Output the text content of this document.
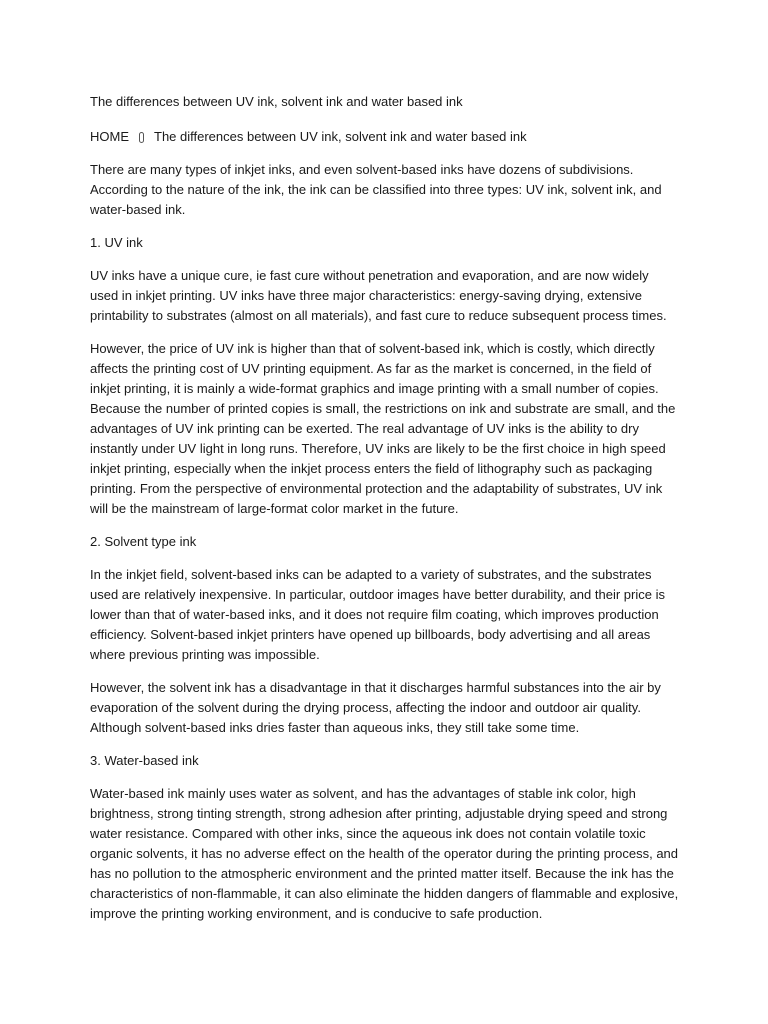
The differences between UV ink, solvent ink and water based ink

HOME The differences between UV ink, solvent ink and water based ink

There are many types of inkjet inks, and even solvent-based inks have dozens of subdivisions. According to the nature of the ink, the ink can be classified into three types: UV ink, solvent ink, and water-based ink.

1. UV ink

UV inks have a unique cure, ie fast cure without penetration and evaporation, and are now widely used in inkjet printing. UV inks have three major characteristics: energy-saving drying, extensive printability to substrates (almost on all materials), and fast cure to reduce subsequent process times.

However, the price of UV ink is higher than that of solvent-based ink, which is costly, which directly affects the printing cost of UV printing equipment. As far as the market is concerned, in the field of inkjet printing, it is mainly a wide-format graphics and image printing with a small number of copies. Because the number of printed copies is small, the restrictions on ink and substrate are small, and the advantages of UV ink printing can be exerted. The real advantage of UV inks is the ability to dry instantly under UV light in long runs. Therefore, UV inks are likely to be the first choice in high speed inkjet printing, especially when the inkjet process enters the field of lithography such as packaging printing. From the perspective of environmental protection and the adaptability of substrates, UV ink will be the mainstream of large-format color market in the future.

2. Solvent type ink

In the inkjet field, solvent-based inks can be adapted to a variety of substrates, and the substrates used are relatively inexpensive. In particular, outdoor images have better durability, and their price is lower than that of water-based inks, and it does not require film coating, which improves production efficiency. Solvent-based inkjet printers have opened up billboards, body advertising and all areas where previous printing was impossible.

However, the solvent ink has a disadvantage in that it discharges harmful substances into the air by evaporation of the solvent during the drying process, affecting the indoor and outdoor air quality. Although solvent-based inks dries faster than aqueous inks, they still take some time.

3. Water-based ink

Water-based ink mainly uses water as solvent, and has the advantages of stable ink color, high brightness, strong tinting strength, strong adhesion after printing, adjustable drying speed and strong water resistance. Compared with other inks, since the aqueous ink does not contain volatile toxic organic solvents, it has no adverse effect on the health of the operator during the printing process, and has no pollution to the atmospheric environment and the printed matter itself. Because the ink has the characteristics of non-flammable, it can also eliminate the hidden dangers of flammable and explosive, improve the printing working environment, and is conducive to safe production.
